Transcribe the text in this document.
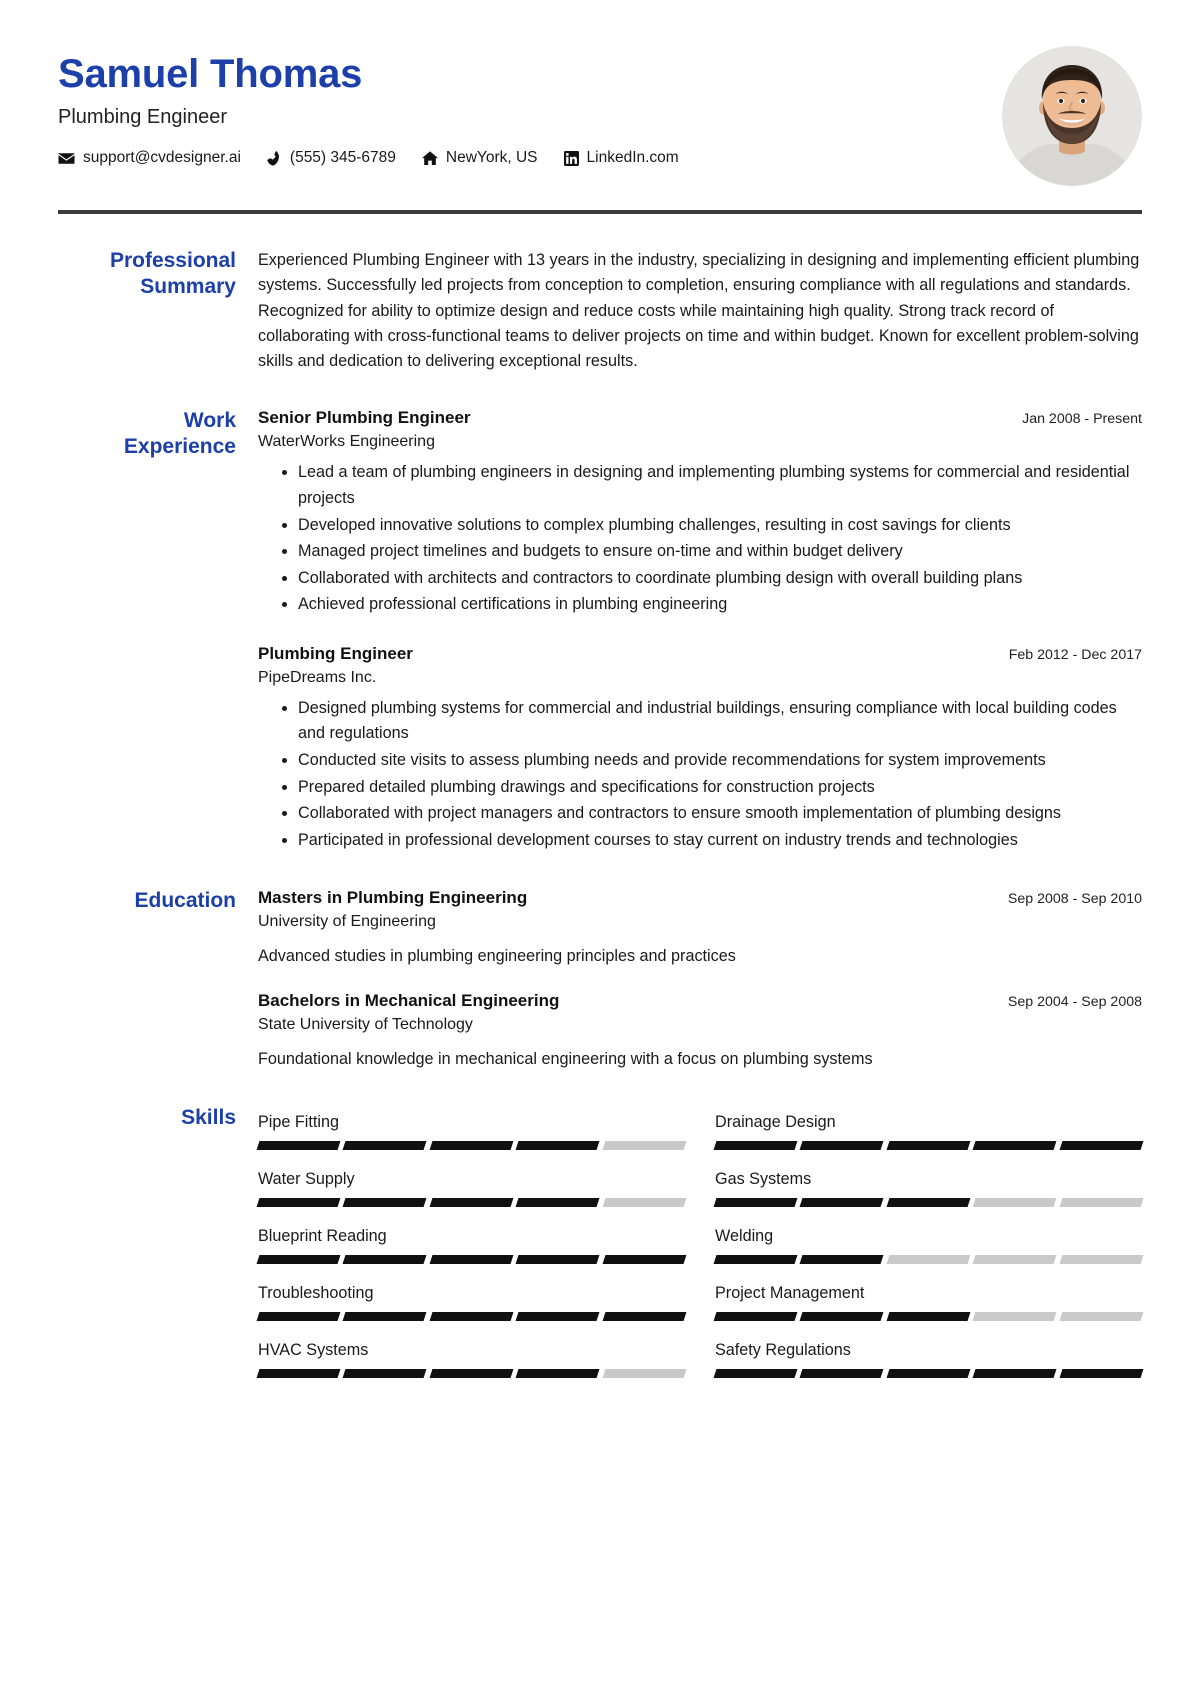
Samuel Thomas
Plumbing Engineer
support@cvdesigner.ai	(555) 345-6789	NewYork, US	LinkedIn.com
Professional
Summary
Experienced Plumbing Engineer with 13 years in the industry, specializing in designing and implementing efficient plumbing systems. Successfully led projects from conception to completion, ensuring compliance with all regulations and standards. Recognized for ability to optimize design and reduce costs while maintaining high quality. Strong track record of collaborating with cross-functional teams to deliver projects on time and within budget. Known for excellent problem-solving skills and dedication to delivering exceptional results.
Work
Experience
Senior Plumbing Engineer	Jan 2008 - Present
WaterWorks Engineering
• Lead a team of plumbing engineers in designing and implementing plumbing systems for commercial and residential projects
• Developed innovative solutions to complex plumbing challenges, resulting in cost savings for clients
• Managed project timelines and budgets to ensure on-time and within budget delivery
• Collaborated with architects and contractors to coordinate plumbing design with overall building plans
• Achieved professional certifications in plumbing engineering
Plumbing Engineer	Feb 2012 - Dec 2017
PipeDreams Inc.
• Designed plumbing systems for commercial and industrial buildings, ensuring compliance with local building codes and regulations
• Conducted site visits to assess plumbing needs and provide recommendations for system improvements
• Prepared detailed plumbing drawings and specifications for construction projects
• Collaborated with project managers and contractors to ensure smooth implementation of plumbing designs
• Participated in professional development courses to stay current on industry trends and technologies
Education	Masters in Plumbing Engineering	Sep 2008 - Sep 2010
University of Engineering
Advanced studies in plumbing engineering principles and practices
Bachelors in Mechanical Engineering	Sep 2004 - Sep 2008
State University of Technology
Foundational knowledge in mechanical engineering with a focus on plumbing systems
Skills	Pipe Fitting	Drainage Design
Water Supply	Gas Systems
Blueprint Reading	Welding
Troubleshooting	Project Management
HVAC Systems	Safety Regulations
